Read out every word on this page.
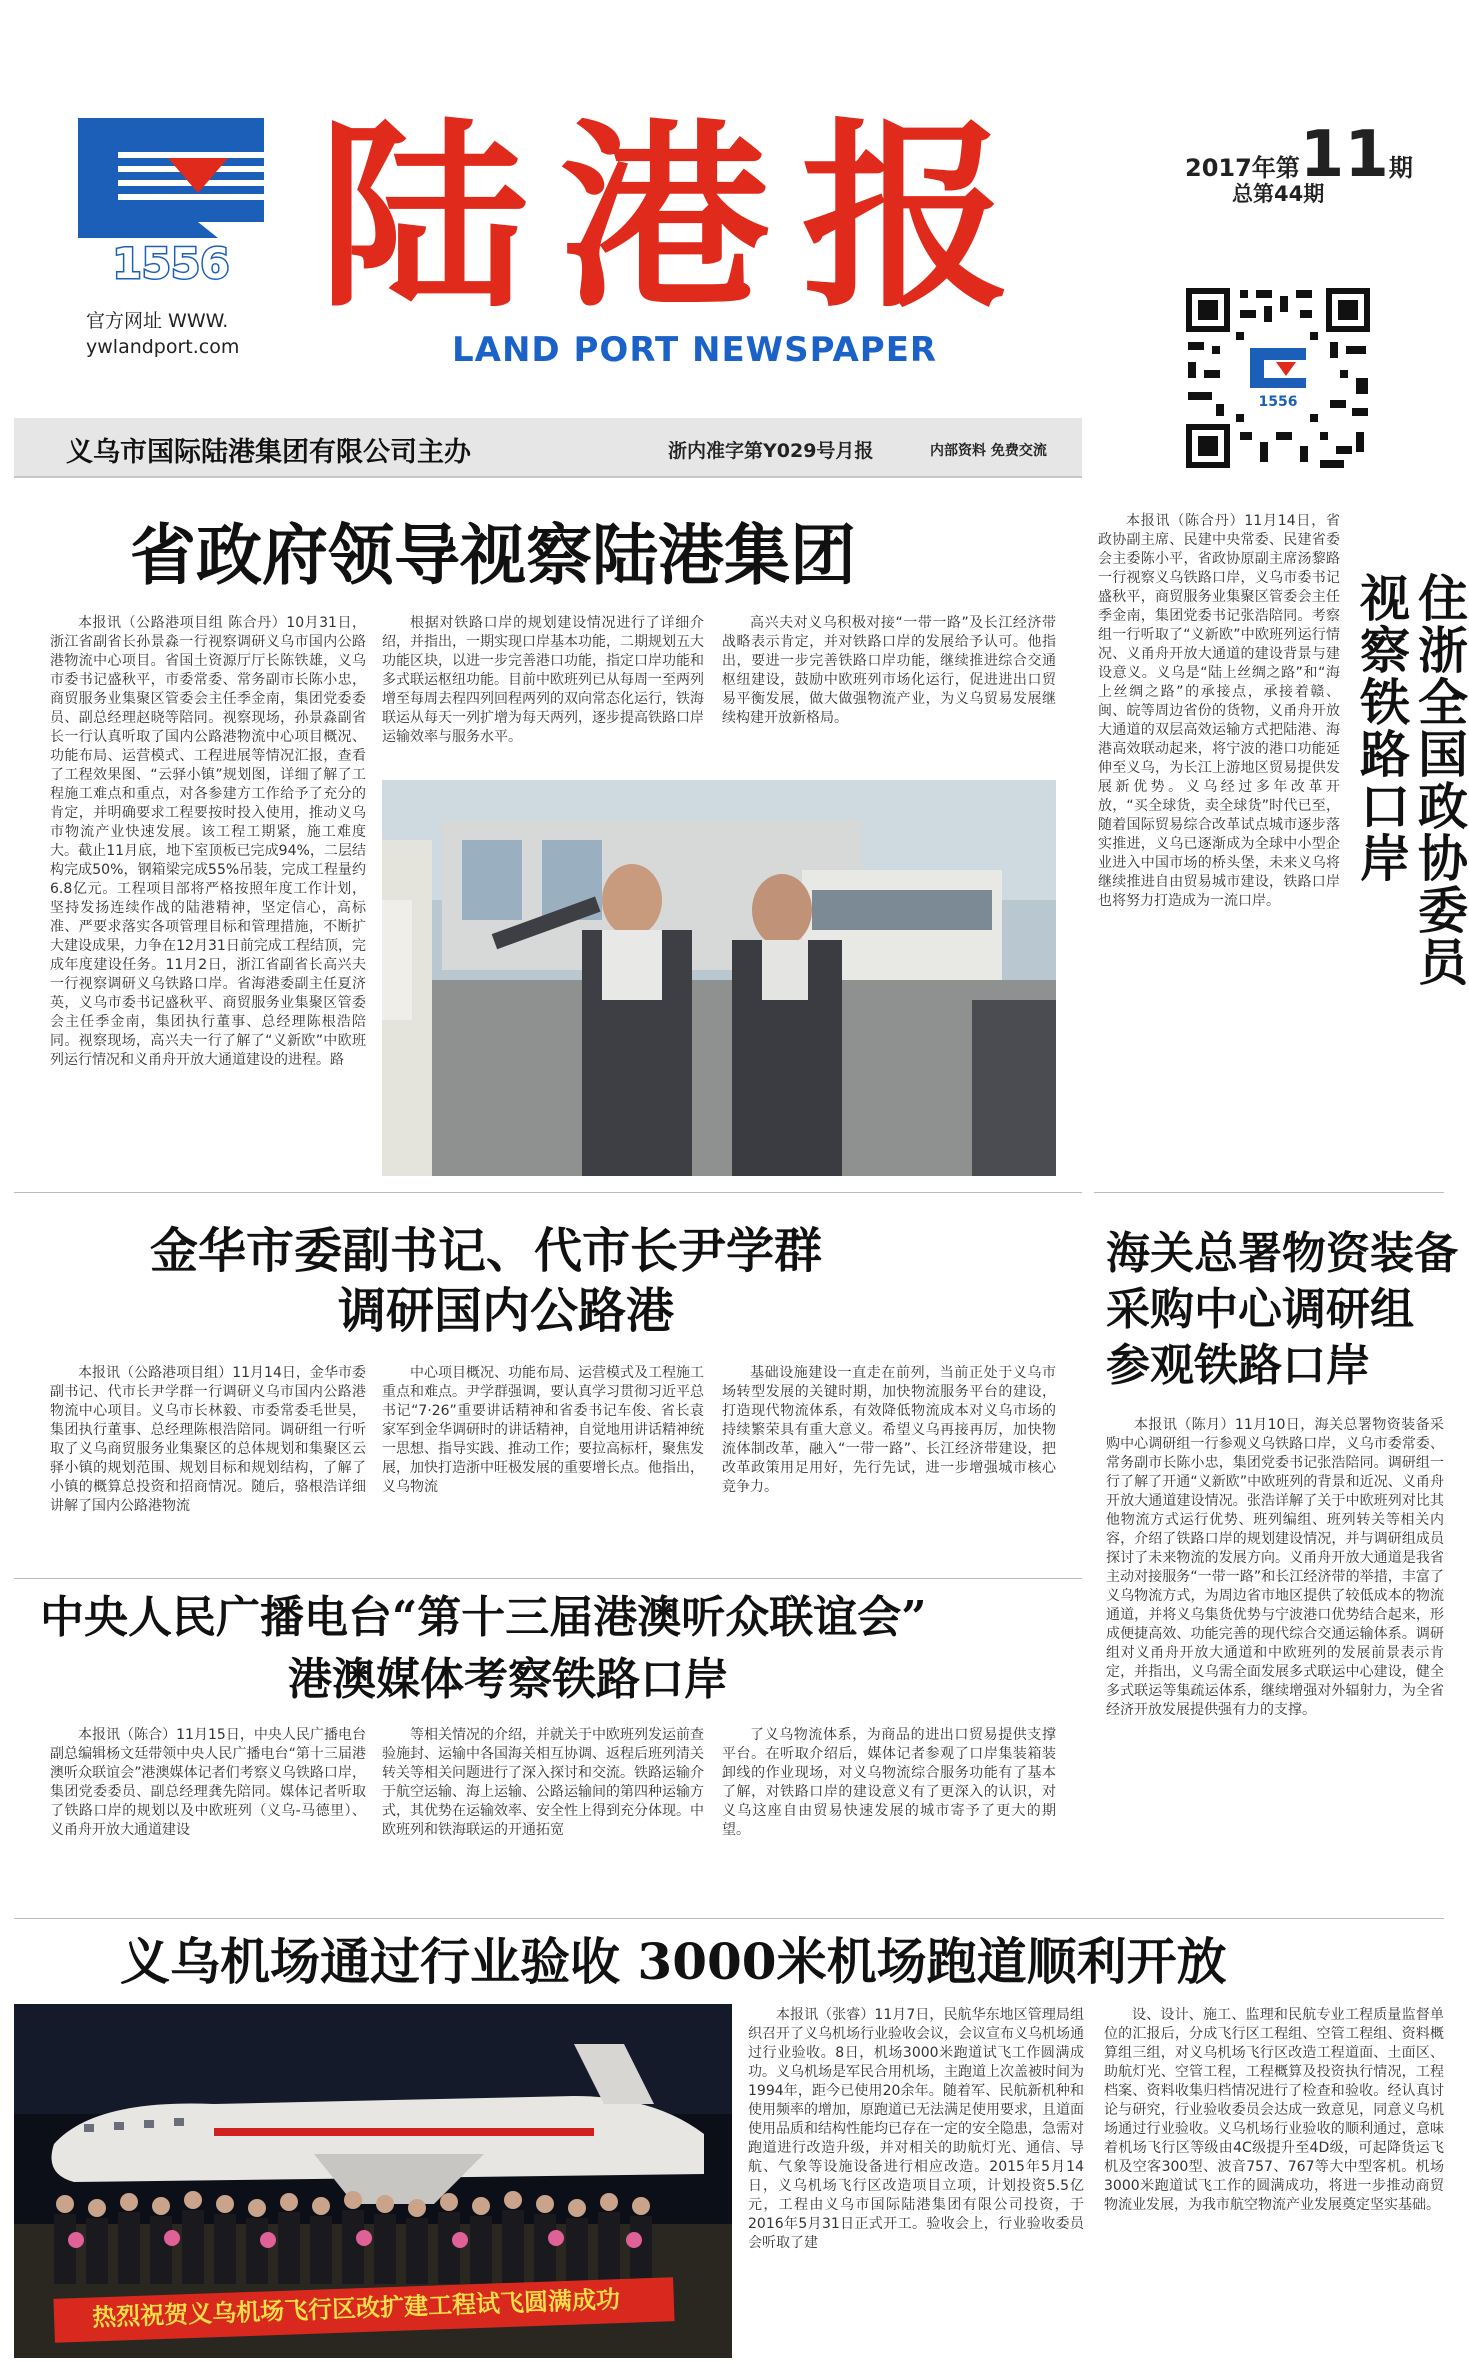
1556
官方网址 WWW.
ywlandport.com
陆港报
LAND PORT NEWSPAPER
2017年第11期
总第44期
1556
义乌市国际陆港集团有限公司主办	浙内准字第Y029号月报	内部资料 免费交流
省政府领导视察陆港集团

本报讯（公路港项目组 陈合丹）10月31日，浙江省副省长孙景淼一行视察调研义乌市国内公路港物流中心项目。省国土资源厅厅长陈铁雄，义乌市委书记盛秋平，市委常委、常务副市长陈小忠，商贸服务业集聚区管委会主任季金南，集团党委委员、副总经理赵晓等陪同。视察现场，孙景淼副省长一行认真听取了国内公路港物流中心项目概况、功能布局、运营模式、工程进展等情况汇报，查看了工程效果图、“云驿小镇”规划图，详细了解了工程施工难点和重点，对各参建方工作给予了充分的肯定，并明确要求工程要按时投入使用，推动义乌市物流产业快速发展。该工程工期紧，施工难度大。截止11月底，地下室顶板已完成94%，二层结构完成50%，钢箱梁完成55%吊装，完成工程量约6.8亿元。工程项目部将严格按照年度工作计划，坚持发扬连续作战的陆港精神，坚定信心，高标准、严要求落实各项管理目标和管理措施，不断扩大建设成果，力争在12月31日前完成工程结顶，完成年度建设任务。11月2日，浙江省副省长高兴夫一行视察调研义乌铁路口岸。省海港委副主任夏济英，义乌市委书记盛秋平、商贸服务业集聚区管委会主任季金南，集团执行董事、总经理陈根浩陪同。视察现场，高兴夫一行了解了“义新欧”中欧班列运行情况和义甬舟开放大通道建设的进程。路

根据对铁路口岸的规划建设情况进行了详细介绍，并指出，一期实现口岸基本功能，二期规划五大功能区块，以进一步完善港口功能，指定口岸功能和多式联运枢纽功能。目前中欧班列已从每周一至两列增至每周去程四列回程两列的双向常态化运行，铁海联运从每天一列扩增为每天两列，逐步提高铁路口岸运输效率与服务水平。

高兴夫对义乌积极对接“一带一路”及长江经济带战略表示肯定，并对铁路口岸的发展给予认可。他指出，要进一步完善铁路口岸功能，继续推进综合交通枢纽建设，鼓励中欧班列市场化运行，促进进出口贸易平衡发展，做大做强物流产业，为义乌贸易发展继续构建开放新格局。	住浙全国政协委员视察铁路口岸

本报讯（陈合丹）11月14日，省政协副主席、民建中央常委、民建省委会主委陈小平，省政协原副主席汤黎路一行视察义乌铁路口岸，义乌市委书记盛秋平，商贸服务业集聚区管委会主任季金南，集团党委书记张浩陪同。考察组一行听取了“义新欧”中欧班列运行情况、义甬舟开放大通道的建设背景与建设意义。义乌是“陆上丝绸之路”和“海上丝绸之路”的承接点，承接着赣、闽、皖等周边省份的货物，义甬舟开放大通道的双层高效运输方式把陆港、海港高效联动起来，将宁波的港口功能延伸至义乌，为长江上游地区贸易提供发展新优势。义乌经过多年改革开放，“买全球货，卖全球货”时代已至，随着国际贸易综合改革试点城市逐步落实推进，义乌已逐渐成为全球中小型企业进入中国市场的桥头堡，未来义乌将继续推进自由贸易城市建设，铁路口岸也将努力打造成为一流口岸。

金华市委副书记、代市长尹学群
调研国内公路港

本报讯（公路港项目组）11月14日，金华市委副书记、代市长尹学群一行调研义乌市国内公路港物流中心项目。义乌市长林毅、市委常委毛世昊，集团执行董事、总经理陈根浩陪同。调研组一行听取了义乌商贸服务业集聚区的总体规划和集聚区云驿小镇的规划范围、规划目标和规划结构，了解了小镇的概算总投资和招商情况。随后，骆根浩详细讲解了国内公路港物流

中心项目概况、功能布局、运营模式及工程施工重点和难点。尹学群强调，要认真学习贯彻习近平总书记“7·26”重要讲话精神和省委书记车俊、省长袁家军到金华调研时的讲话精神，自觉地用讲话精神统一思想、指导实践、推动工作；要拉高标杆，聚焦发展，加快打造浙中旺极发展的重要增长点。他指出，义乌物流

基础设施建设一直走在前列，当前正处于义乌市场转型发展的关键时期，加快物流服务平台的建设，打造现代物流体系，有效降低物流成本对义乌市场的持续繁荣具有重大意义。希望义乌再接再厉，加快物流体制改革，融入“一带一路”、长江经济带建设，把改革政策用足用好，先行先试，进一步增强城市核心竞争力。

海关总署物资装备
采购中心调研组
参观铁路口岸

本报讯（陈月）11月10日，海关总署物资装备采购中心调研组一行参观义乌铁路口岸，义乌市委常委、常务副市长陈小忠，集团党委书记张浩陪同。调研组一行了解了开通“义新欧”中欧班列的背景和近况、义甬舟开放大通道建设情况。张浩详解了关于中欧班列对比其他物流方式运行优势、班列编组、班列转关等相关内容，介绍了铁路口岸的规划建设情况，并与调研组成员探讨了未来物流的发展方向。义甬舟开放大通道是我省主动对接服务“一带一路”和长江经济带的举措，丰富了义乌物流方式，为周边省市地区提供了较低成本的物流通道，并将义乌集货优势与宁波港口优势结合起来，形成便捷高效、功能完善的现代综合交通运输体系。调研组对义甬舟开放大通道和中欧班列的发展前景表示肯定，并指出，义乌需全面发展多式联运中心建设，健全多式联运等集疏运体系，继续增强对外辐射力，为全省经济开放发展提供强有力的支撑。

中央人民广播电台“第十三届港澳听众联谊会”
港澳媒体考察铁路口岸

本报讯（陈合）11月15日，中央人民广播电台副总编辑杨文廷带领中央人民广播电台“第十三届港澳听众联谊会”港澳媒体记者们考察义乌铁路口岸，集团党委委员、副总经理龚先陪同。媒体记者听取了铁路口岸的规划以及中欧班列（义乌-马德里）、义甬舟开放大通道建设

等相关情况的介绍，并就关于中欧班列发运前查验施封、运输中各国海关相互协调、返程后班列清关转关等相关问题进行了深入探讨和交流。铁路运输介于航空运输、海上运输、公路运输间的第四种运输方式，其优势在运输效率、安全性上得到充分体现。中欧班列和铁海联运的开通拓宽

了义乌物流体系，为商品的进出口贸易提供支撑平台。在听取介绍后，媒体记者参观了口岸集装箱装卸线的作业现场，对义乌物流综合服务功能有了基本了解，对铁路口岸的建设意义有了更深入的认识，对义乌这座自由贸易快速发展的城市寄予了更大的期望。

义乌机场通过行业验收 3000米机场跑道顺利开放
热烈祝贺义乌机场飞行区改扩建工程试飞圆满成功

本报讯（张睿）11月7日，民航华东地区管理局组织召开了义乌机场行业验收会议，会议宣布义乌机场通过行业验收。8日，机场3000米跑道试飞工作圆满成功。义乌机场是军民合用机场，主跑道上次盖被时间为1994年，距今已使用20余年。随着军、民航新机种和使用频率的增加，原跑道已无法满足使用要求，且道面使用品质和结构性能均已存在一定的安全隐患，急需对跑道进行改造升级，并对相关的助航灯光、通信、导航、气象等设施设备进行相应改造。2015年5月14日，义乌机场飞行区改造项目立项，计划投资5.5亿元，工程由义乌市国际陆港集团有限公司投资，于2016年5月31日正式开工。验收会上，行业验收委员会听取了建

设、设计、施工、监理和民航专业工程质量监督单位的汇报后，分成飞行区工程组、空管工程组、资料概算组三组，对义乌机场飞行区改造工程道面、土面区、助航灯光、空管工程，工程概算及投资执行情况，工程档案、资料收集归档情况进行了检查和验收。经认真讨论与研究，行业验收委员会达成一致意见，同意义乌机场通过行业验收。义乌机场行业验收的顺利通过，意味着机场飞行区等级由4C级提升至4D级，可起降货运飞机及空客300型、波音757、767等大中型客机。机场3000米跑道试飞工作的圆满成功，将进一步推动商贸物流业发展，为我市航空物流产业发展奠定坚实基础。
